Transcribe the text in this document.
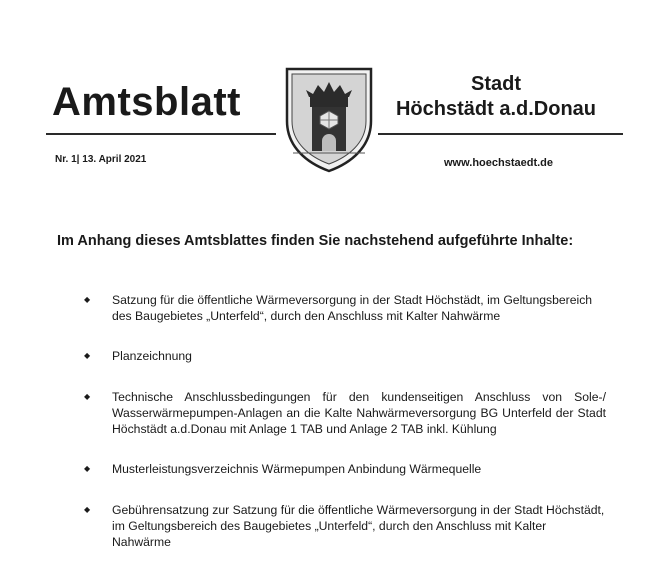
Amtsblatt	Stadt
Höchstädt a.d.Donau
Nr. 1| 13. April 2021	www.hoechstaedt.de
Im Anhang dieses Amtsblattes finden Sie nachstehend aufgeführte Inhalte:
◆ Satzung für die öffentliche Wärmeversorgung in der Stadt Höchstädt, im Geltungsbereich des Baugebietes „Unterfeld“, durch den Anschluss mit Kalter Nahwärme
◆ Planzeichnung
◆ Technische Anschlussbedingungen für den kundenseitigen Anschluss von Sole-/ Wasserwärmepumpen-Anlagen an die Kalte Nahwärmeversorgung BG Unterfeld der Stadt Höchstädt a.d.Donau mit Anlage 1 TAB und Anlage 2 TAB inkl. Kühlung
◆ Musterleistungsverzeichnis Wärmepumpen Anbindung Wärmequelle
◆ Gebührensatzung zur Satzung für die öffentliche Wärmeversorgung in der Stadt Höchstädt, im Geltungsbereich des Baugebietes „Unterfeld“, durch den Anschluss mit Kalter Nahwärme
